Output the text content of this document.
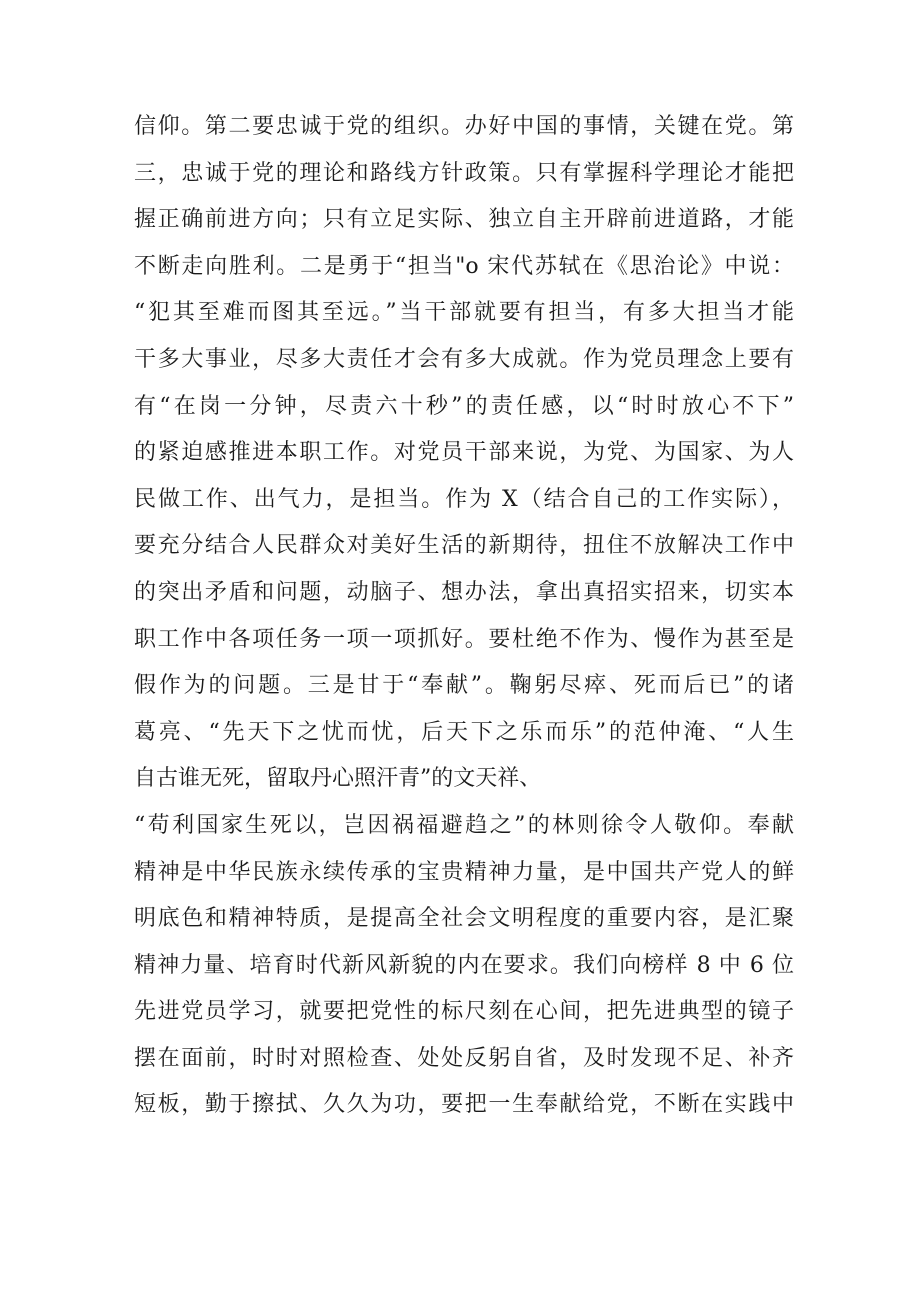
信仰。第二要忠诚于党的组织。办好中国的事情，关键在党。第
三，忠诚于党的理论和路线方针政策。只有掌握科学理论才能把
握正确前进方向；只有立足实际、独立自主开辟前进道路，才能
不断走向胜利。二是勇于“担当"o 宋代苏轼在《思治论》中说：
“犯其至难而图其至远。”当干部就要有担当，有多大担当才能
干多大事业，尽多大责任才会有多大成就。作为党员理念上要有
有“在岗一分钟，尽责六十秒”的责任感，以“时时放心不下”
的紧迫感推进本职工作。对党员干部来说，为党、为国家、为人
民做工作、出气力，是担当。作为 X（结合自己的工作实际），
要充分结合人民群众对美好生活的新期待，扭住不放解决工作中
的突出矛盾和问题，动脑子、想办法，拿出真招实招来，切实本
职工作中各项任务一项一项抓好。要杜绝不作为、慢作为甚至是
假作为的问题。三是甘于“奉献”。鞠躬尽瘁、死而后已”的诸
葛亮、“先天下之忧而忧，后天下之乐而乐”的范仲淹、“人生
自古谁无死，留取丹心照汗青”的文天祥、
“苟利国家生死以，岂因祸福避趋之”的林则徐令人敬仰。奉献
精神是中华民族永续传承的宝贵精神力量，是中国共产党人的鲜
明底色和精神特质，是提高全社会文明程度的重要内容，是汇聚
精神力量、培育时代新风新貌的内在要求。我们向榜样 8 中 6 位
先进党员学习，就要把党性的标尺刻在心间，把先进典型的镜子
摆在面前，时时对照检查、处处反躬自省，及时发现不足、补齐
短板，勤于擦拭、久久为功，要把一生奉献给党，不断在实践中
